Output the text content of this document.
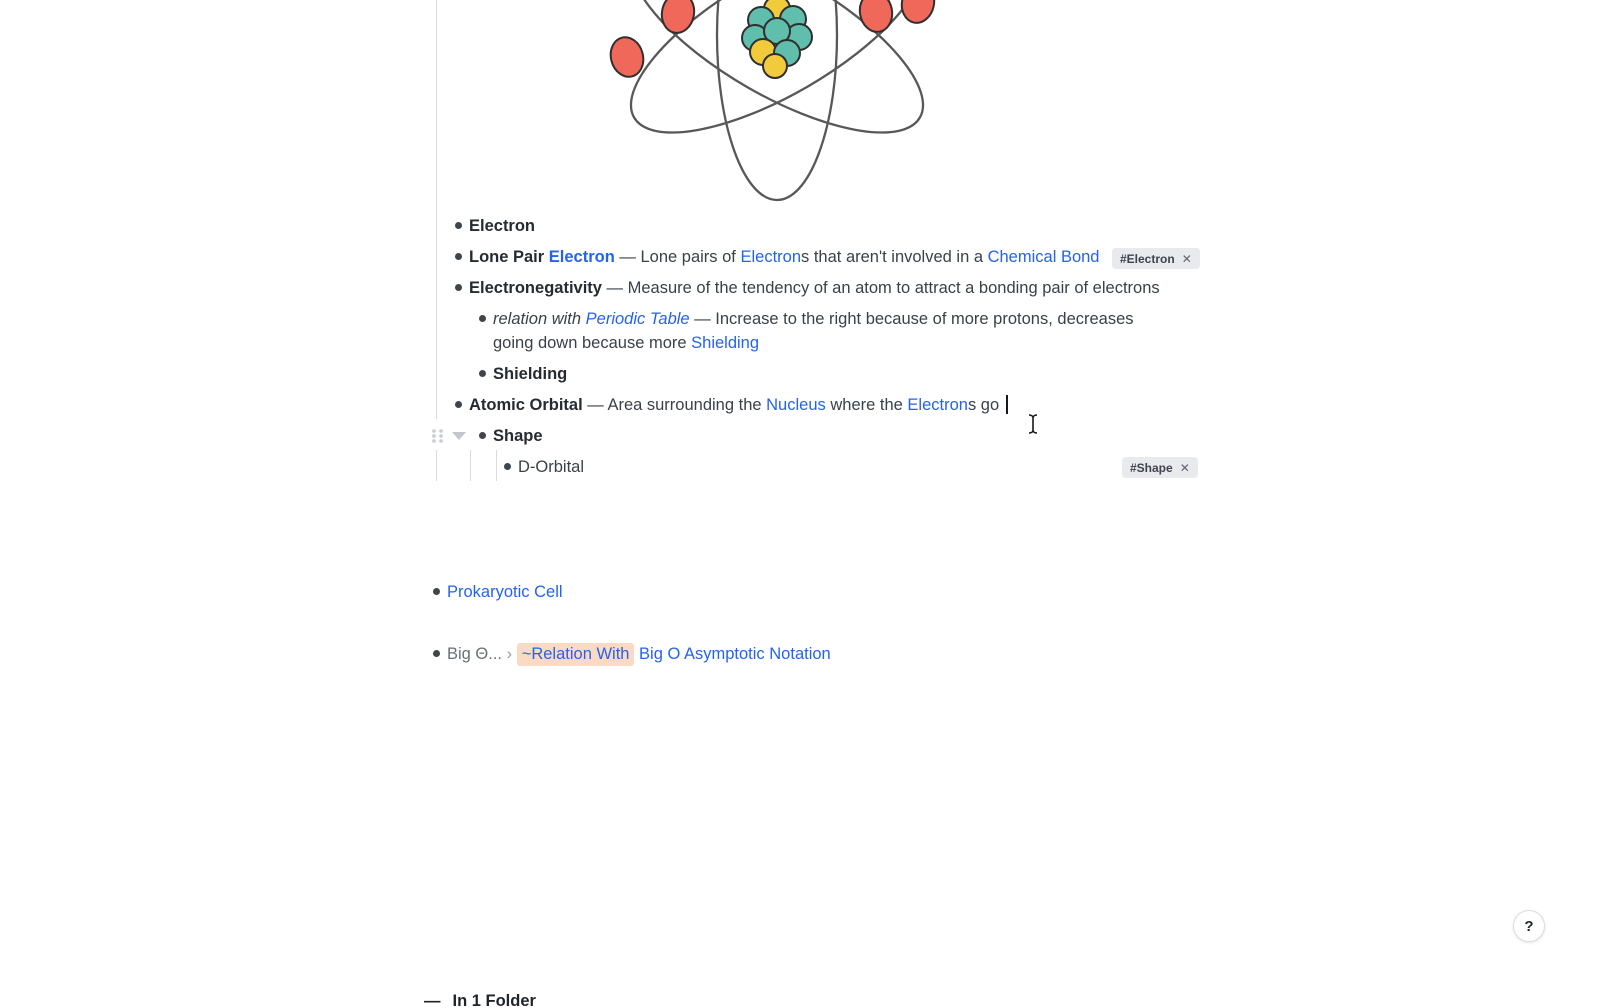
Electron
Lone Pair Electron — Lone pairs of Electrons that aren't involved in a Chemical Bond
Electronegativity — Measure of the tendency of an atom to attract a bonding pair of electrons
relation with Periodic Table — Increase to the right because of more protons, decreases
going down because more Shielding
Shielding
Atomic Orbital — Area surrounding the Nucleus where the Electrons go
Shape
D-Orbital
Prokaryotic Cell
Big Θ... › ~Relation With Big O Asymptotic Notation
#Electron ✕
#Shape ✕
?
— In 1 Folder
